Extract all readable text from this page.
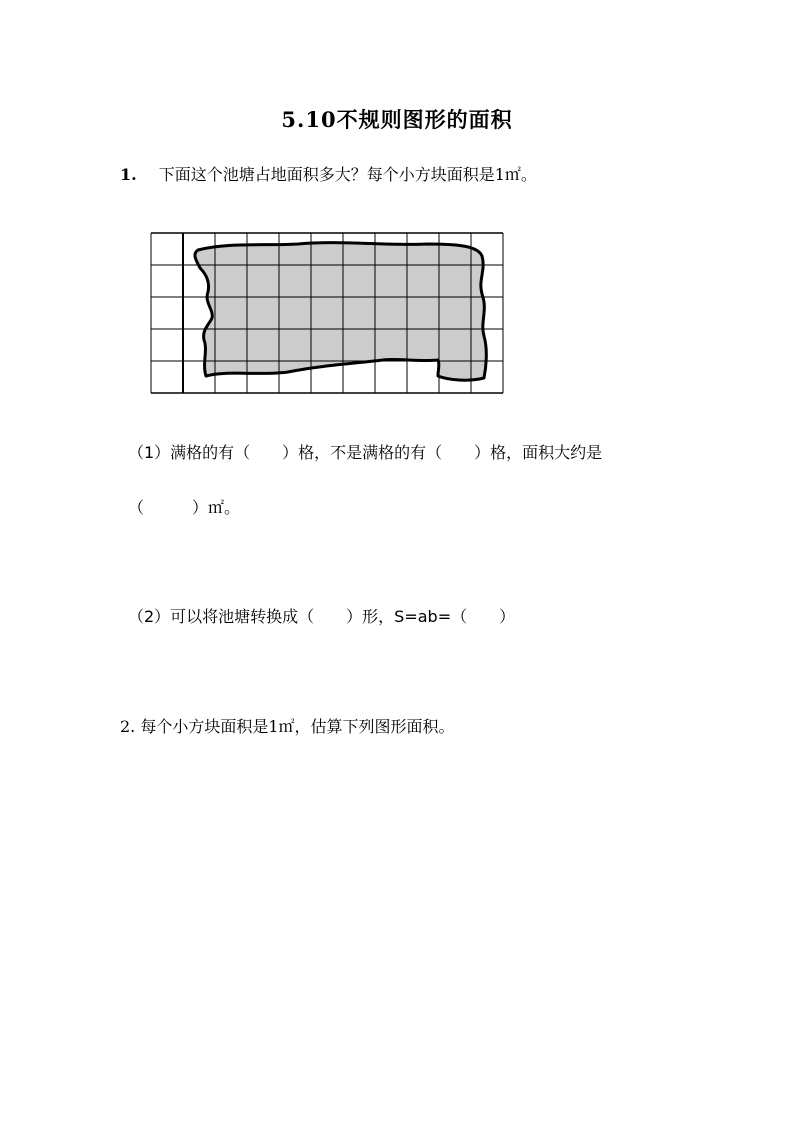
5.10不规则图形的面积
1. 下面这个池塘占地面积多大？每个小方块面积是1㎡。
（1）满格的有（　　）格，不是满格的有（　　）格，面积大约是
（　　　）㎡。
（2）可以将池塘转换成（　　）形，S=ab=（　　）
2. 每个小方块面积是1㎡，估算下列图形面积。
